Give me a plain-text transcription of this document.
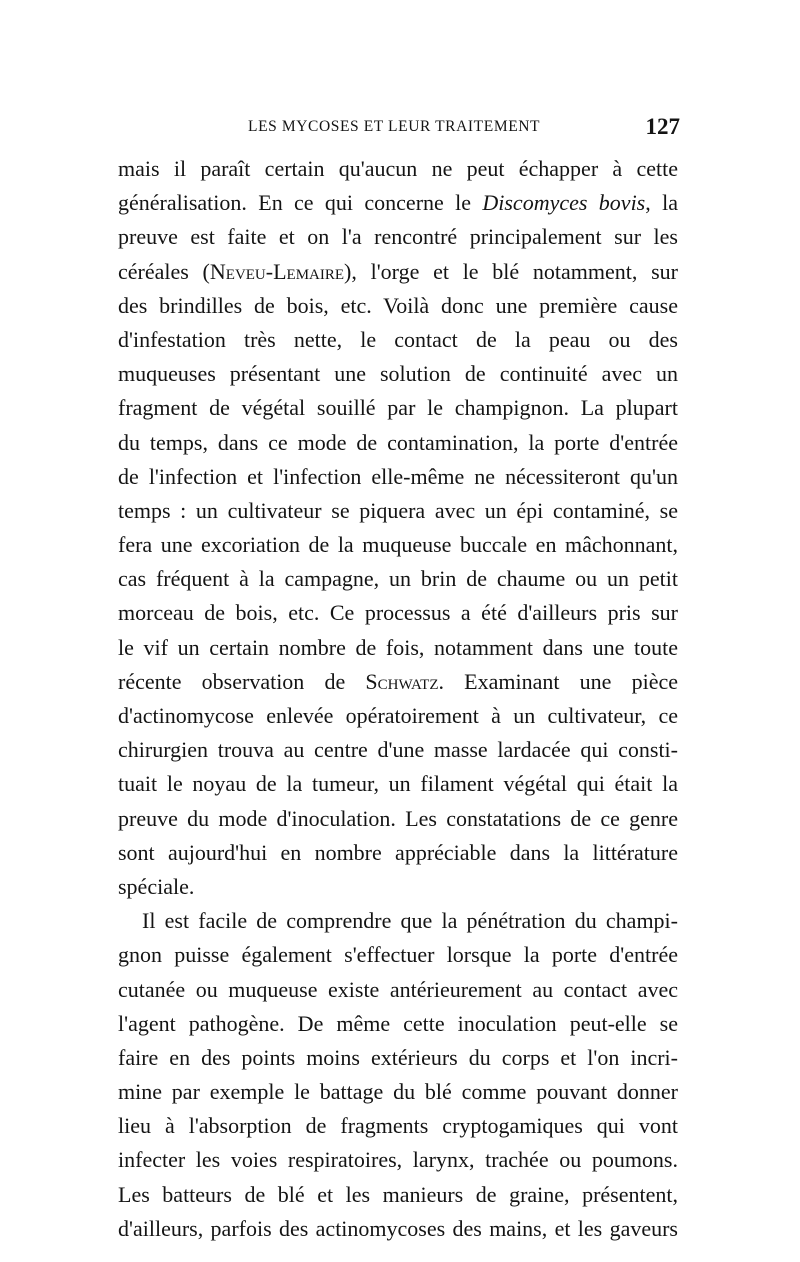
LES MYCOSES ET LEUR TRAITEMENT	127
mais il paraît certain qu'aucun ne peut échapper à cette
généralisation. En ce qui concerne le Discomyces bovis, la
preuve est faite et on l'a rencontré principalement sur les
céréales (Neveu-Lemaire), l'orge et le blé notamment, sur
des brindilles de bois, etc. Voilà donc une première cause
d'infestation très nette, le contact de la peau ou des
muqueuses présentant une solution de continuité avec un
fragment de végétal souillé par le champignon. La plupart
du temps, dans ce mode de contamination, la porte d'entrée
de l'infection et l'infection elle-même ne nécessiteront qu'un
temps : un cultivateur se piquera avec un épi contaminé, se
fera une excoriation de la muqueuse buccale en mâchonnant,
cas fréquent à la campagne, un brin de chaume ou un petit
morceau de bois, etc. Ce processus a été d'ailleurs pris sur
le vif un certain nombre de fois, notamment dans une toute
récente observation de Schwatz. Examinant une pièce
d'actinomycose enlevée opératoirement à un cultivateur, ce
chirurgien trouva au centre d'une masse lardacée qui consti-
tuait le noyau de la tumeur, un filament végétal qui était la
preuve du mode d'inoculation. Les constatations de ce genre
sont aujourd'hui en nombre appréciable dans la littérature
spéciale.
Il est facile de comprendre que la pénétration du champi-
gnon puisse également s'effectuer lorsque la porte d'entrée
cutanée ou muqueuse existe antérieurement au contact avec
l'agent pathogène. De même cette inoculation peut-elle se
faire en des points moins extérieurs du corps et l'on incri-
mine par exemple le battage du blé comme pouvant donner
lieu à l'absorption de fragments cryptogamiques qui vont
infecter les voies respiratoires, larynx, trachée ou poumons.
Les batteurs de blé et les manieurs de graine, présentent,
d'ailleurs, parfois des actinomycoses des mains, et les gaveurs
